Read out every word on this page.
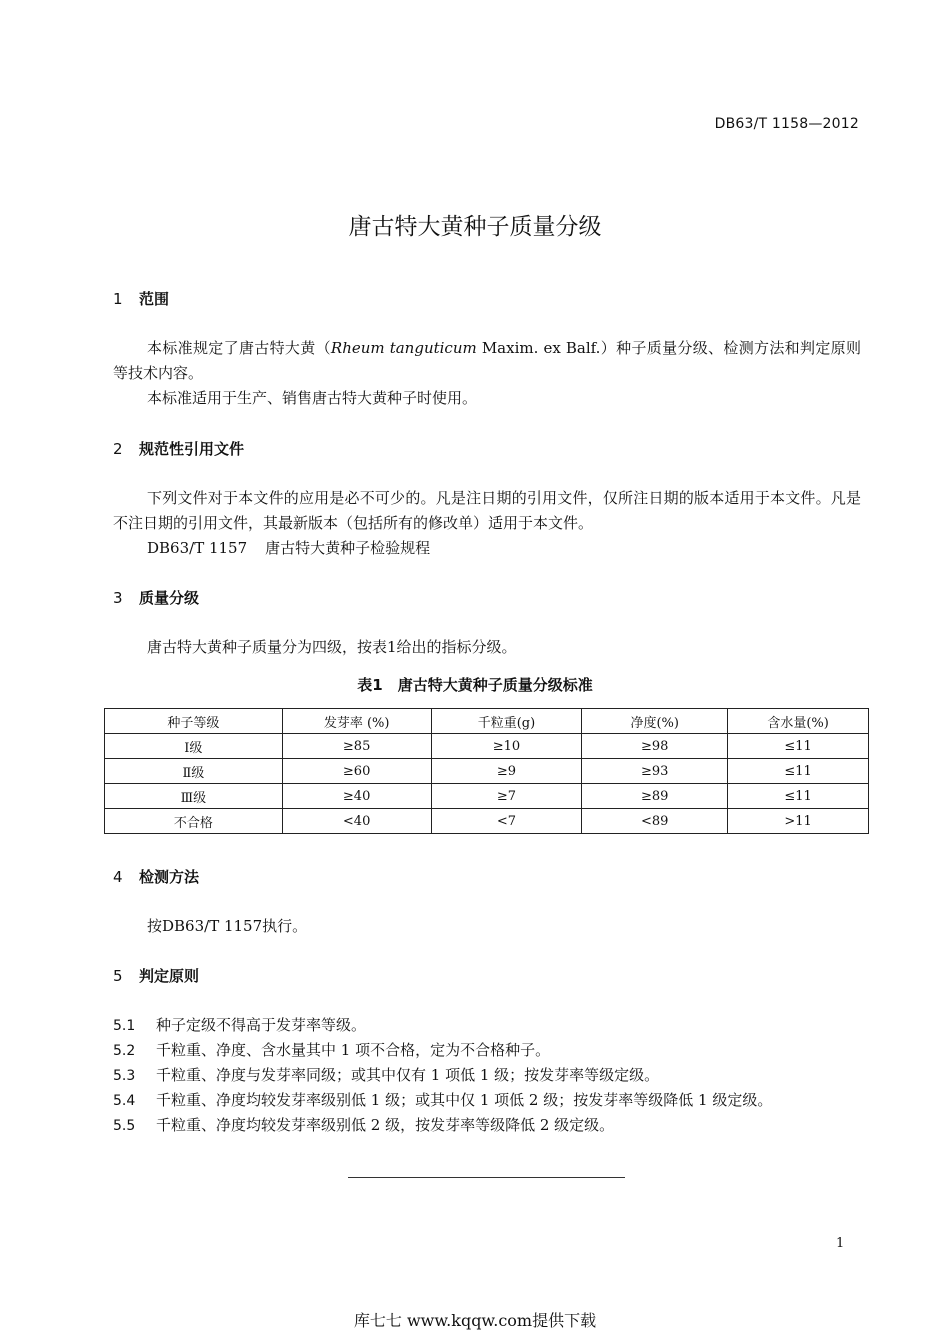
DB63/T 1158—2012
唐古特大黄种子质量分级
1 范围

本标准规定了唐古特大黄（Rheum tanguticum Maxim. ex Balf.）种子质量分级、检测方法和判定原则等技术内容。

本标准适用于生产、销售唐古特大黄种子时使用。

2 规范性引用文件

下列文件对于本文件的应用是必不可少的。凡是注日期的引用文件，仅所注日期的版本适用于本文件。凡是不注日期的引用文件，其最新版本（包括所有的修改单）适用于本文件。

DB63/T 1157 唐古特大黄种子检验规程
3 质量分级

唐古特大黄种子质量分为四级，按表1给出的指标分级。

表1　唐古特大黄种子质量分级标准
种子等级	发芽率 (%)	千粒重(g)	净度(%)	含水量(%)
Ⅰ级	≥85	≥10	≥98	≤11
Ⅱ级	≥60	≥9	≥93	≤11
Ⅲ级	≥40	≥7	≥89	≤11
不合格	<40	<7	<89	>11
4 检测方法

按DB63/T 1157执行。

5 判定原则
5.1 种子定级不得高于发芽率等级。
5.2 千粒重、净度、含水量其中 1 项不合格，定为不合格种子。
5.3 千粒重、净度与发芽率同级；或其中仅有 1 项低 1 级；按发芽率等级定级。
5.4 千粒重、净度均较发芽率级别低 1 级；或其中仅 1 项低 2 级；按发芽率等级降低 1 级定级。
5.5 千粒重、净度均较发芽率级别低 2 级，按发芽率等级降低 2 级定级。
1
库七七 www.kqqw.com提供下载
